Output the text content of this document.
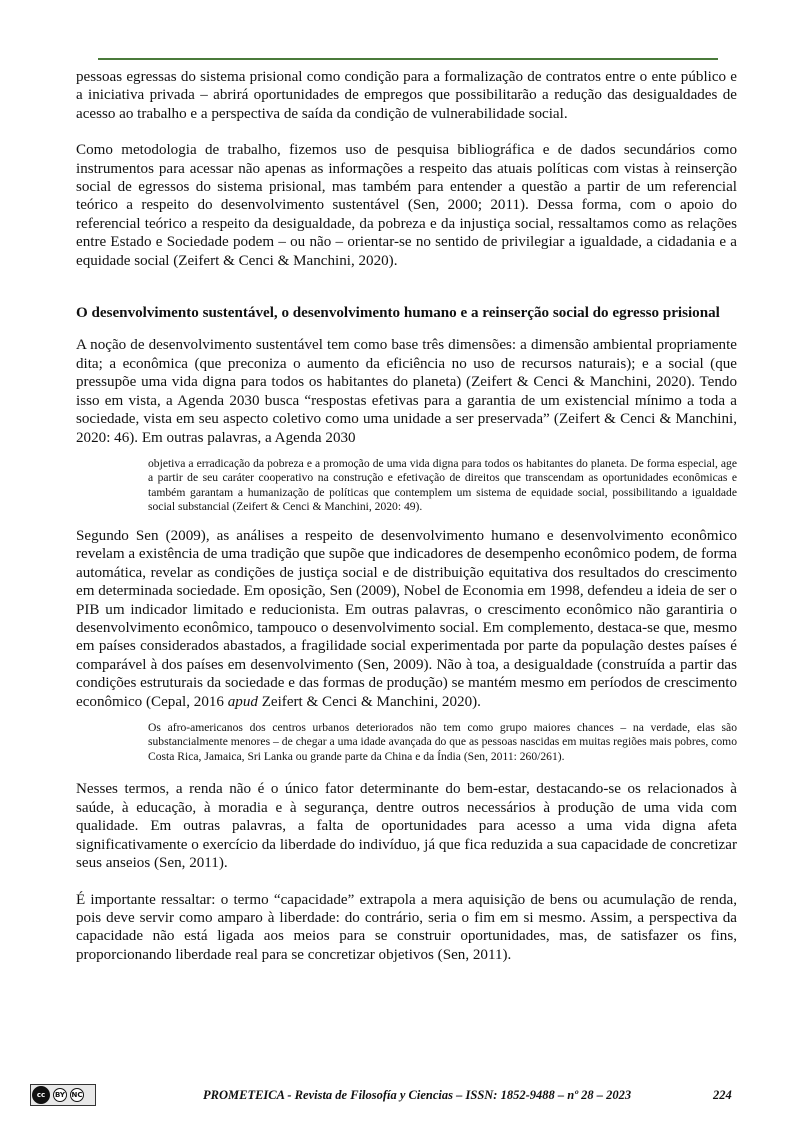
pessoas egressas do sistema prisional como condição para a formalização de contratos entre o ente público e a iniciativa privada – abrirá oportunidades de empregos que possibilitarão a redução das desigualdades de acesso ao trabalho e a perspectiva de saída da condição de vulnerabilidade social.

Como metodologia de trabalho, fizemos uso de pesquisa bibliográfica e de dados secundários como instrumentos para acessar não apenas as informações a respeito das atuais políticas com vistas à reinserção social de egressos do sistema prisional, mas também para entender a questão a partir de um referencial teórico a respeito do desenvolvimento sustentável (Sen, 2000; 2011). Dessa forma, com o apoio do referencial teórico a respeito da desigualdade, da pobreza e da injustiça social, ressaltamos como as relações entre Estado e Sociedade podem – ou não – orientar-se no sentido de privilegiar a igualdade, a cidadania e a equidade social (Zeifert & Cenci & Manchini, 2020).

O desenvolvimento sustentável, o desenvolvimento humano e a reinserção social do egresso prisional

A noção de desenvolvimento sustentável tem como base três dimensões: a dimensão ambiental propriamente dita; a econômica (que preconiza o aumento da eficiência no uso de recursos naturais); e a social (que pressupõe uma vida digna para todos os habitantes do planeta) (Zeifert & Cenci & Manchini, 2020). Tendo isso em vista, a Agenda 2030 busca “respostas efetivas para a garantia de um existencial mínimo a toda a sociedade, vista em seu aspecto coletivo como uma unidade a ser preservada” (Zeifert & Cenci & Manchini, 2020: 46). Em outras palavras, a Agenda 2030

objetiva a erradicação da pobreza e a promoção de uma vida digna para todos os habitantes do planeta. De forma especial, age a partir de seu caráter cooperativo na construção e efetivação de direitos que transcendam as oportunidades econômicas e também garantam a humanização de políticas que contemplem um sistema de equidade social, possibilitando a igualdade social substancial (Zeifert & Cenci & Manchini, 2020: 49).

Segundo Sen (2009), as análises a respeito de desenvolvimento humano e desenvolvimento econômico revelam a existência de uma tradição que supõe que indicadores de desempenho econômico podem, de forma automática, revelar as condições de justiça social e de distribuição equitativa dos resultados do crescimento em determinada sociedade. Em oposição, Sen (2009), Nobel de Economia em 1998, defendeu a ideia de ser o PIB um indicador limitado e reducionista. Em outras palavras, o crescimento econômico não garantiria o desenvolvimento econômico, tampouco o desenvolvimento social. Em complemento, destaca-se que, mesmo em países considerados abastados, a fragilidade social experimentada por parte da população destes países é comparável à dos países em desenvolvimento (Sen, 2009). Não à toa, a desigualdade (construída a partir das condições estruturais da sociedade e das formas de produção) se mantém mesmo em períodos de crescimento econômico (Cepal, 2016 apud Zeifert & Cenci & Manchini, 2020).

Os afro-americanos dos centros urbanos deteriorados não tem como grupo maiores chances – na verdade, elas são substancialmente menores – de chegar a uma idade avançada do que as pessoas nascidas em muitas regiões mais pobres, como Costa Rica, Jamaica, Sri Lanka ou grande parte da China e da Índia (Sen, 2011: 260/261).

Nesses termos, a renda não é o único fator determinante do bem-estar, destacando-se os relacionados à saúde, à educação, à moradia e à segurança, dentre outros necessários à produção de uma vida com qualidade. Em outras palavras, a falta de oportunidades para acesso a uma vida digna afeta significativamente o exercício da liberdade do indivíduo, já que fica reduzida a sua capacidade de concretizar seus anseios (Sen, 2011).

É importante ressaltar: o termo “capacidade” extrapola a mera aquisição de bens ou acumulação de renda, pois deve servir como amparo à liberdade: do contrário, seria o fim em si mesmo. Assim, a perspectiva da capacidade não está ligada aos meios para se construir oportunidades, mas, de satisfazer os fins, proporcionando liberdade real para se concretizar objetivos (Sen, 2011).

cc	BY NC	PROMETEICA - Revista de Filosofía y Ciencias – ISSN: 1852-9488 – nº 28 – 2023	224
